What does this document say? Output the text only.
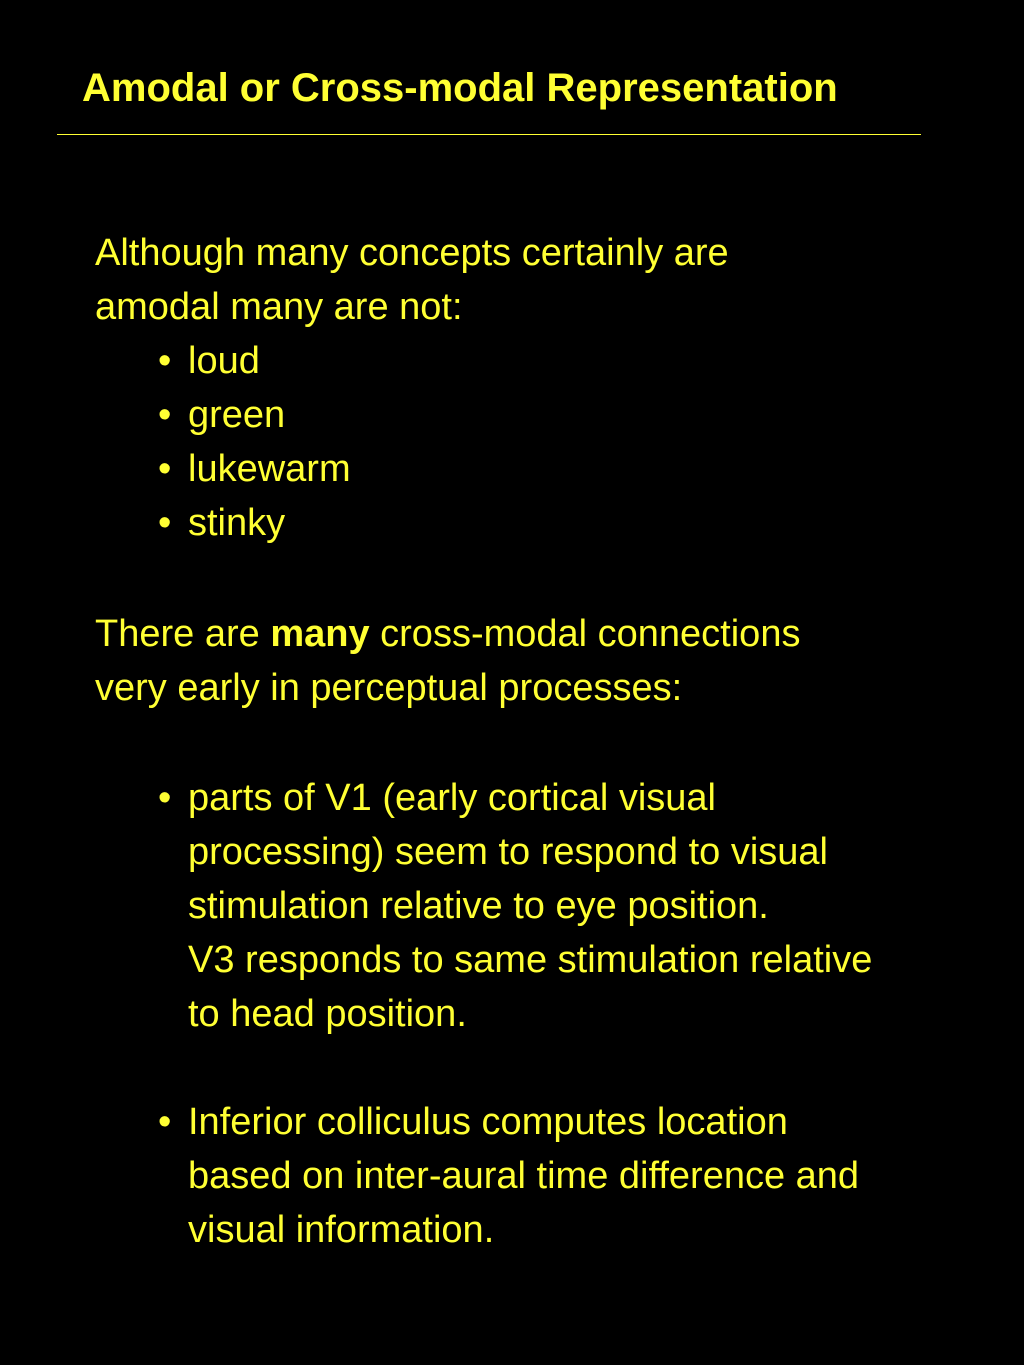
Amodal or Cross-modal Representation
Although many concepts certainly are
amodal many are not:
• loud
• green
• lukewarm
• stinky
There are many cross-modal connections
very early in perceptual processes:
• parts of V1 (early cortical visual
processing) seem to respond to visual
stimulation relative to eye position.
V3 responds to same stimulation relative
to head position.
• Inferior colliculus computes location
based on inter-aural time difference and
visual information.
